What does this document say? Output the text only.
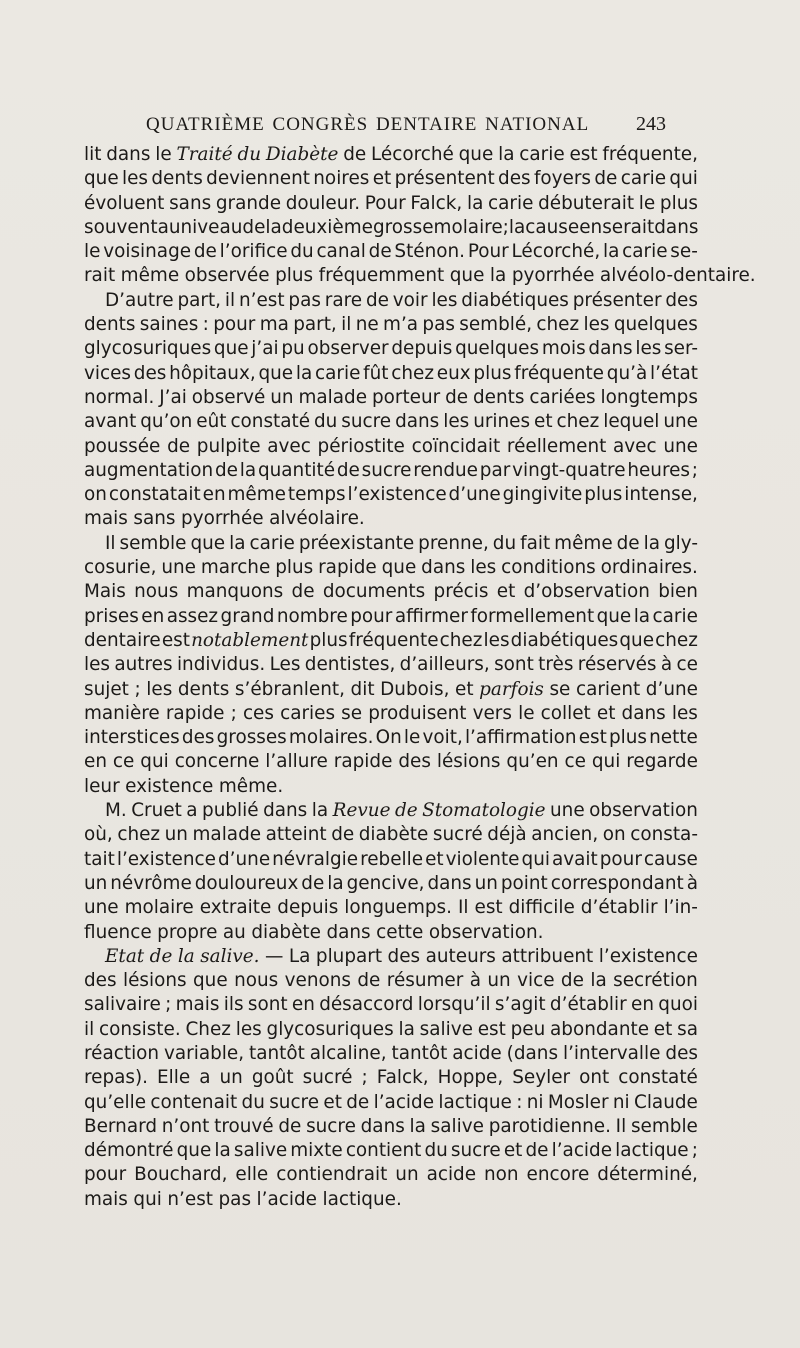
QUATRIÈME CONGRÈS DENTAIRE NATIONAL 243
lit dans le Traité du Diabète de Lécorché que la carie est fréquente,
que les dents deviennent noires et présentent des foyers de carie qui
évoluent sans grande douleur. Pour Falck, la carie débuterait le plus
souvent au niveau de la deuxième grosse molaire ; la cause en serait dans
le voisinage de l’orifice du canal de Sténon. Pour Lécorché, la carie se-
rait même observée plus fréquemment que la pyorrhée alvéolo-dentaire.
D’autre part, il n’est pas rare de voir les diabétiques présenter des
dents saines : pour ma part, il ne m’a pas semblé, chez les quelques
glycosuriques que j’ai pu observer depuis quelques mois dans les ser-
vices des hôpitaux, que la carie fût chez eux plus fréquente qu’à l’état
normal. J’ai observé un malade porteur de dents cariées longtemps
avant qu’on eût constaté du sucre dans les urines et chez lequel une
poussée de pulpite avec périostite coïncidait réellement avec une
augmentation de la quantité de sucre rendue par vingt-quatre heures ;
on constatait en même temps l’existence d’une gingivite plus intense,
mais sans pyorrhée alvéolaire.
Il semble que la carie préexistante prenne, du fait même de la gly-
cosurie, une marche plus rapide que dans les conditions ordinaires.
Mais nous manquons de documents précis et d’observation bien
prises en assez grand nombre pour affirmer formellement que la carie
dentaire est notablement plus fréquente chez les diabétiques que chez
les autres individus. Les dentistes, d’ailleurs, sont très réservés à ce
sujet ; les dents s’ébranlent, dit Dubois, et parfois se carient d’une
manière rapide ; ces caries se produisent vers le collet et dans les
interstices des grosses molaires. On le voit, l’affirmation est plus nette
en ce qui concerne l’allure rapide des lésions qu’en ce qui regarde
leur existence même.
M. Cruet a publié dans la Revue de Stomatologie une observation
où, chez un malade atteint de diabète sucré déjà ancien, on consta-
tait l’existence d’une névralgie rebelle et violente qui avait pour cause
un névrôme douloureux de la gencive, dans un point correspondant à
une molaire extraite depuis longuemps. Il est difficile d’établir l’in-
fluence propre au diabète dans cette observation.
Etat de la salive. — La plupart des auteurs attribuent l’existence
des lésions que nous venons de résumer à un vice de la secrétion
salivaire ; mais ils sont en désaccord lorsqu’il s’agit d’établir en quoi
il consiste. Chez les glycosuriques la salive est peu abondante et sa
réaction variable, tantôt alcaline, tantôt acide (dans l’intervalle des
repas). Elle a un goût sucré ; Falck, Hoppe, Seyler ont constaté
qu’elle contenait du sucre et de l’acide lactique : ni Mosler ni Claude
Bernard n’ont trouvé de sucre dans la salive parotidienne. Il semble
démontré que la salive mixte contient du sucre et de l’acide lactique ;
pour Bouchard, elle contiendrait un acide non encore déterminé,
mais qui n’est pas l’acide lactique.
